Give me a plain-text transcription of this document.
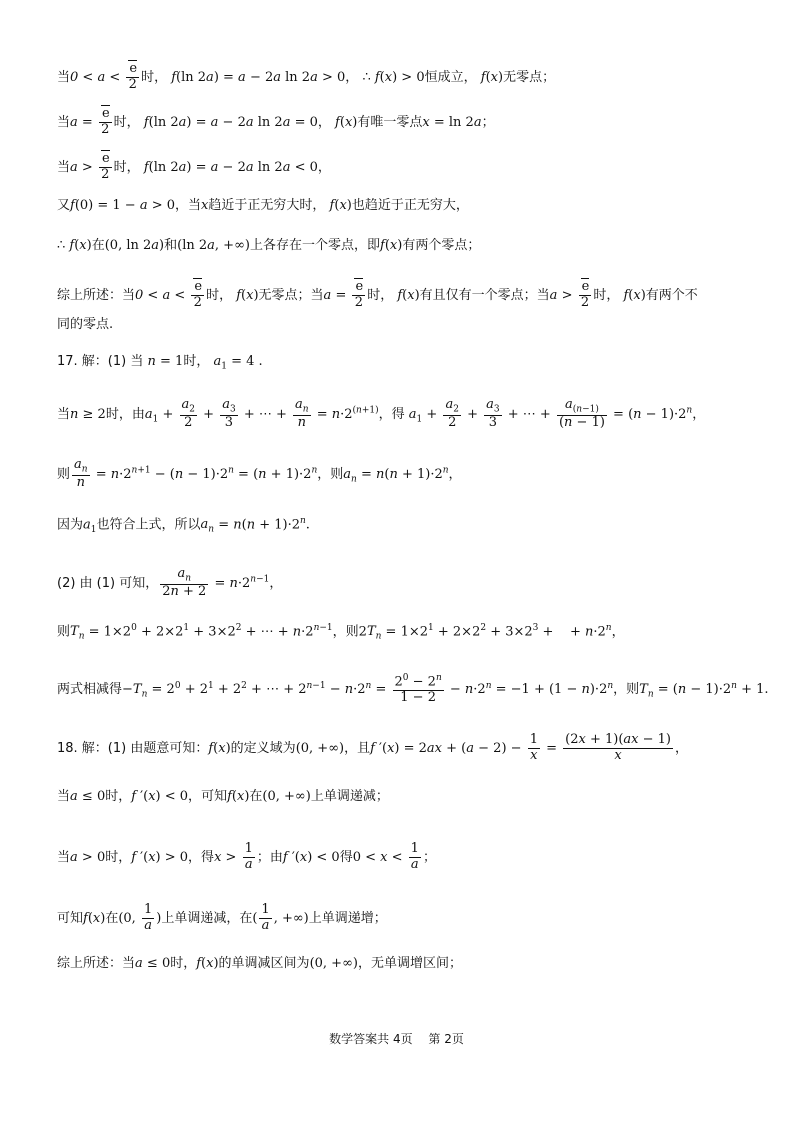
当$0 < a < \frac{e}{2}$ 时， f(ln 2a) = a − 2a ln 2a > 0， ∴ f(x) > 0恒成立， f(x)无零点；
当$a = \frac{e}{2}$ 时， f(ln 2a) = a − 2a ln 2a = 0， f(x)有唯一零点x = ln 2a；
当$a > \frac{e}{2}$ 时， f(ln 2a) = a − 2a ln 2a < 0，
又f(0) = 1 − a > 0，当x趋近于正无穷大时， f(x)也趋近于正无穷大，
∴ f(x)在(0, ln 2a)和(ln 2a, +∞)上各存在一个零点，即f(x)有两个零点；
综上所述：当$0 < a < \frac{e}{2}$ 时， f(x)无零点；当$a = \frac{e}{2}$ 时， f(x)有且仅有一个零点；当$a > \frac{e}{2}$ 时， f(x)有两个不
同的零点.
17. 解：(1) 当 n = 1时， $a_1 = 4$ .
当n ≥ 2时，由$a_1 + \frac{a_2}{2} + \frac{a_3}{3}$ + ⋯ + $\frac{a_n}{n} = n\cdot 2^{(n+1)}$，得 $a_1 + \frac{a_2}{2} + \frac{a_3}{3}$ + ⋯ + $\frac{a_{(n-1)}}{(n - 1)} = (n - 1)\cdot 2^n$，
则 $\frac{a_n}{n} = n\cdot 2^{n+1} - (n - 1)\cdot 2^n = (n + 1)\cdot 2^n$，则$a_n = n(n + 1)\cdot 2^n$，
因为$a_1$也符合上式，所以$a_n = n(n + 1)\cdot 2^n$.
(2) 由 (1) 可知， $\frac{a_n}{2n + 2} = n\cdot 2^{n-1}$，
则$T_n = 1\times 2^0 + 2\times 2^1 + 3\times 2^2$ + ⋯ + $n\cdot 2^{n-1}$，则$2T_n = 1\times 2^1 + 2\times 2^2 + 3\times 2^3$ +    + $n\cdot 2^n$，
两式相减得$-T_n = 2^0 + 2^1 + 2^2$ + ⋯ + $2^{n-1} - n\cdot 2^n = \frac{2^0 - 2^n}{1 - 2} - n\cdot 2^n = -1 + (1 - n)\cdot 2^n$，则$T_n = (n - 1)\cdot 2^n + 1$.
18. 解：(1) 由题意可知：f(x)的定义域为(0, +∞)，且f $'(x) = 2ax + (a - 2) - \frac{1}{x} = \frac{(2x + 1)(ax - 1)}{x}$ ，
当a ≤ 0时，f ′(x) < 0，可知f(x)在(0, +∞)上单调递减；
当a > 0时，f ′(x) > 0，得$x > \frac{1}{a}$ ；由f ′(x) < 0得$0 < x < \frac{1}{a}$ ；
可知f(x)在(0, $\frac{1}{a}$ )上单调递减，在( $\frac{1}{a}$ , +∞)上单调递增；
综上所述：当a ≤ 0时，f(x)的单调减区间为(0, +∞)，无单调增区间；
数学答案共 4页　 第 2页
